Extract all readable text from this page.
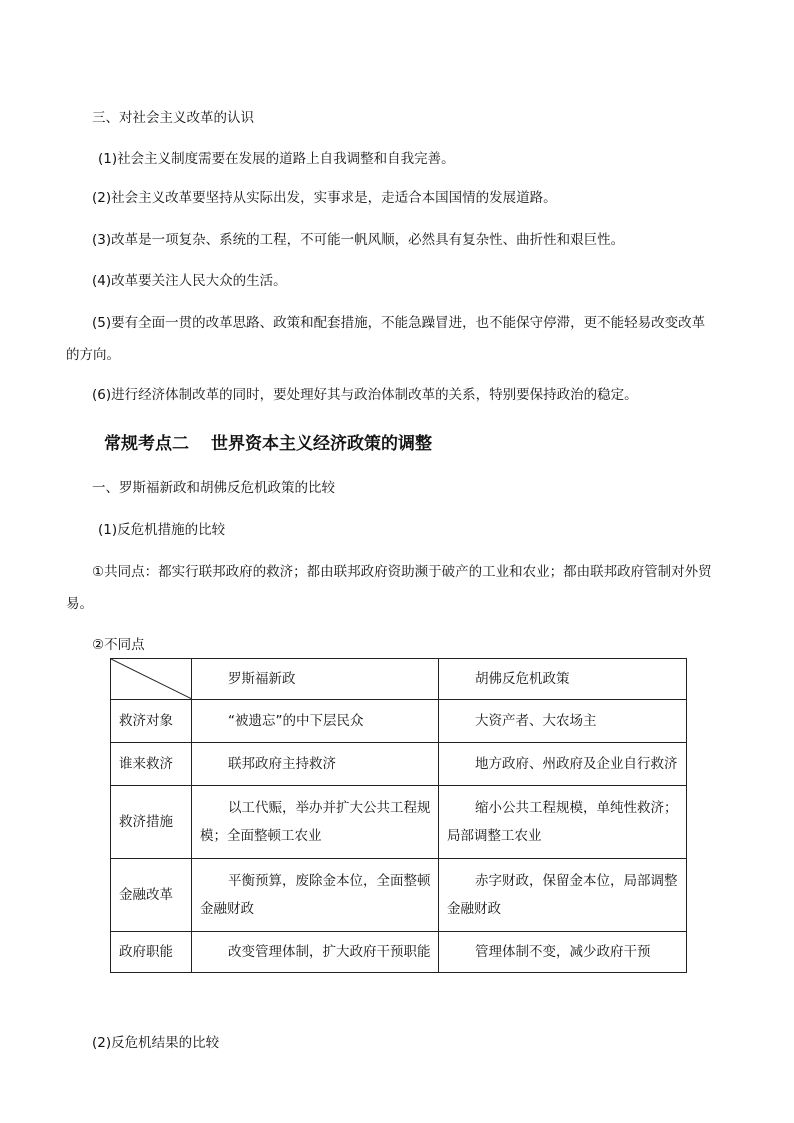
三、对社会主义改革的认识
(1)社会主义制度需要在发展的道路上自我调整和自我完善。
(2)社会主义改革要坚持从实际出发，实事求是，走适合本国国情的发展道路。
(3)改革是一项复杂、系统的工程，不可能一帆风顺，必然具有复杂性、曲折性和艰巨性。
(4)改革要关注人民大众的生活。
(5)要有全面一贯的改革思路、政策和配套措施，不能急躁冒进，也不能保守停滞，更不能轻易改变改革
的方向。
(6)进行经济体制改革的同时，要处理好其与政治体制改革的关系，特别要保持政治的稳定。
常规考点二 世界资本主义经济政策的调整
一、罗斯福新政和胡佛反危机政策的比较
(1)反危机措施的比较
①共同点：都实行联邦政府的救济；都由联邦政府资助濒于破产的工业和农业；都由联邦政府管制对外贸
易。
②不同点
	罗斯福新政	胡佛反危机政策
救济对象	“被遗忘”的中下层民众	大资产者、大农场主
谁来救济	联邦政府主持救济	地方政府、州政府及企业自行救济
救济措施	以工代赈，举办并扩大公共工程规模；全面整顿工农业	缩小公共工程规模，单纯性救济；局部调整工农业
金融改革	平衡预算，废除金本位，全面整顿金融财政	赤字财政，保留金本位，局部调整金融财政
政府职能	改变管理体制，扩大政府干预职能	管理体制不变，减少政府干预
(2)反危机结果的比较
